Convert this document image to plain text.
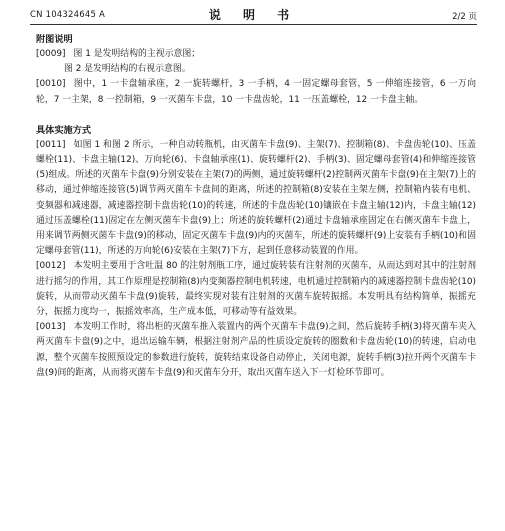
CN 104324645 A	说 明 书	2/2 页

附图说明

[0009] 图 1 是发明结构的主视示意图；

图 2 是发明结构的右视示意图。

[0010] 图中，1 一卡盘轴承座，2 一旋转螺杆，3 一手柄，4 一固定螺母套管，5 一伸缩连接管，6 一万向轮，7 一主架，8 一控制箱，9 一灭菌车卡盘，10 一卡盘齿轮，11 一压盖螺栓，12 一卡盘主轴。

具体实施方式

[0011] 如图 1 和图 2 所示，一种自动转瓶机，由灭菌车卡盘(9)、主架(7)、控制箱(8)、卡盘齿轮(10)、压盖螺栓(11)、卡盘主轴(12)、万向轮(6)、卡盘轴承座(1)、旋转螺杆(2)、手柄(3)、固定螺母套管(4)和伸缩连接管(5)组成。所述的灭菌车卡盘(9)分别安装在主架(7)的两侧，通过旋转螺杆(2)控制两灭菌车卡盘(9)在主架(7)上的移动，通过伸缩连接管(5)调节两灭菌车卡盘间的距离，所述的控制箱(8)安装在主架左侧，控制箱内装有电机、变频器和减速器，减速器控制卡盘齿轮(10)的转速，所述的卡盘齿轮(10)镶嵌在卡盘主轴(12)内，卡盘主轴(12)通过压盖螺栓(11)固定在左侧灭菌车卡盘(9)上；所述的旋转螺杆(2)通过卡盘轴承座固定在右侧灭菌车卡盘上，用来调节两侧灭菌车卡盘(9)的移动，固定灭菌车卡盘(9)内的灭菌车，所述的旋转螺杆(9)上安装有手柄(10)和固定螺母套管(11)，所述的万向轮(6)安装在主架(7)下方，起到任意移动装置的作用。

[0012] 本发明主要用于含吐温 80 的注射剂瓶工序，通过旋转装有注射剂的灭菌车，从而达到对其中的注射剂进行摇匀的作用，其工作原理是控制箱(8)内变频器控制电机转速，电机通过控制箱内的减速器控制卡盘齿轮(10)旋转，从而带动灭菌车卡盘(9)旋转，最终实现对装有注射剂的灭菌车旋转振摇。本发明具有结构简单，振摇充分，振摇力度均一，振摇效率高，生产成本低，可移动等有益效果。

[0013] 本发明工作时，将出柜的灭菌车推入装置内的两个灭菌车卡盘(9)之间，然后旋转手柄(3)将灭菌车夹入两灭菌车卡盘(9)之中，退出运输车辆，根据注射剂产品的性质设定旋转的圈数和卡盘齿轮(10)的转速，启动电源，整个灭菌车按照预设定的参数进行旋转，旋转结束设备自动停止，关闭电源，旋转手柄(3)拉开两个灭菌车卡盘(9)间的距离，从而将灭菌车卡盘(9)和灭菌车分开，取出灭菌车送入下一灯检环节即可。
